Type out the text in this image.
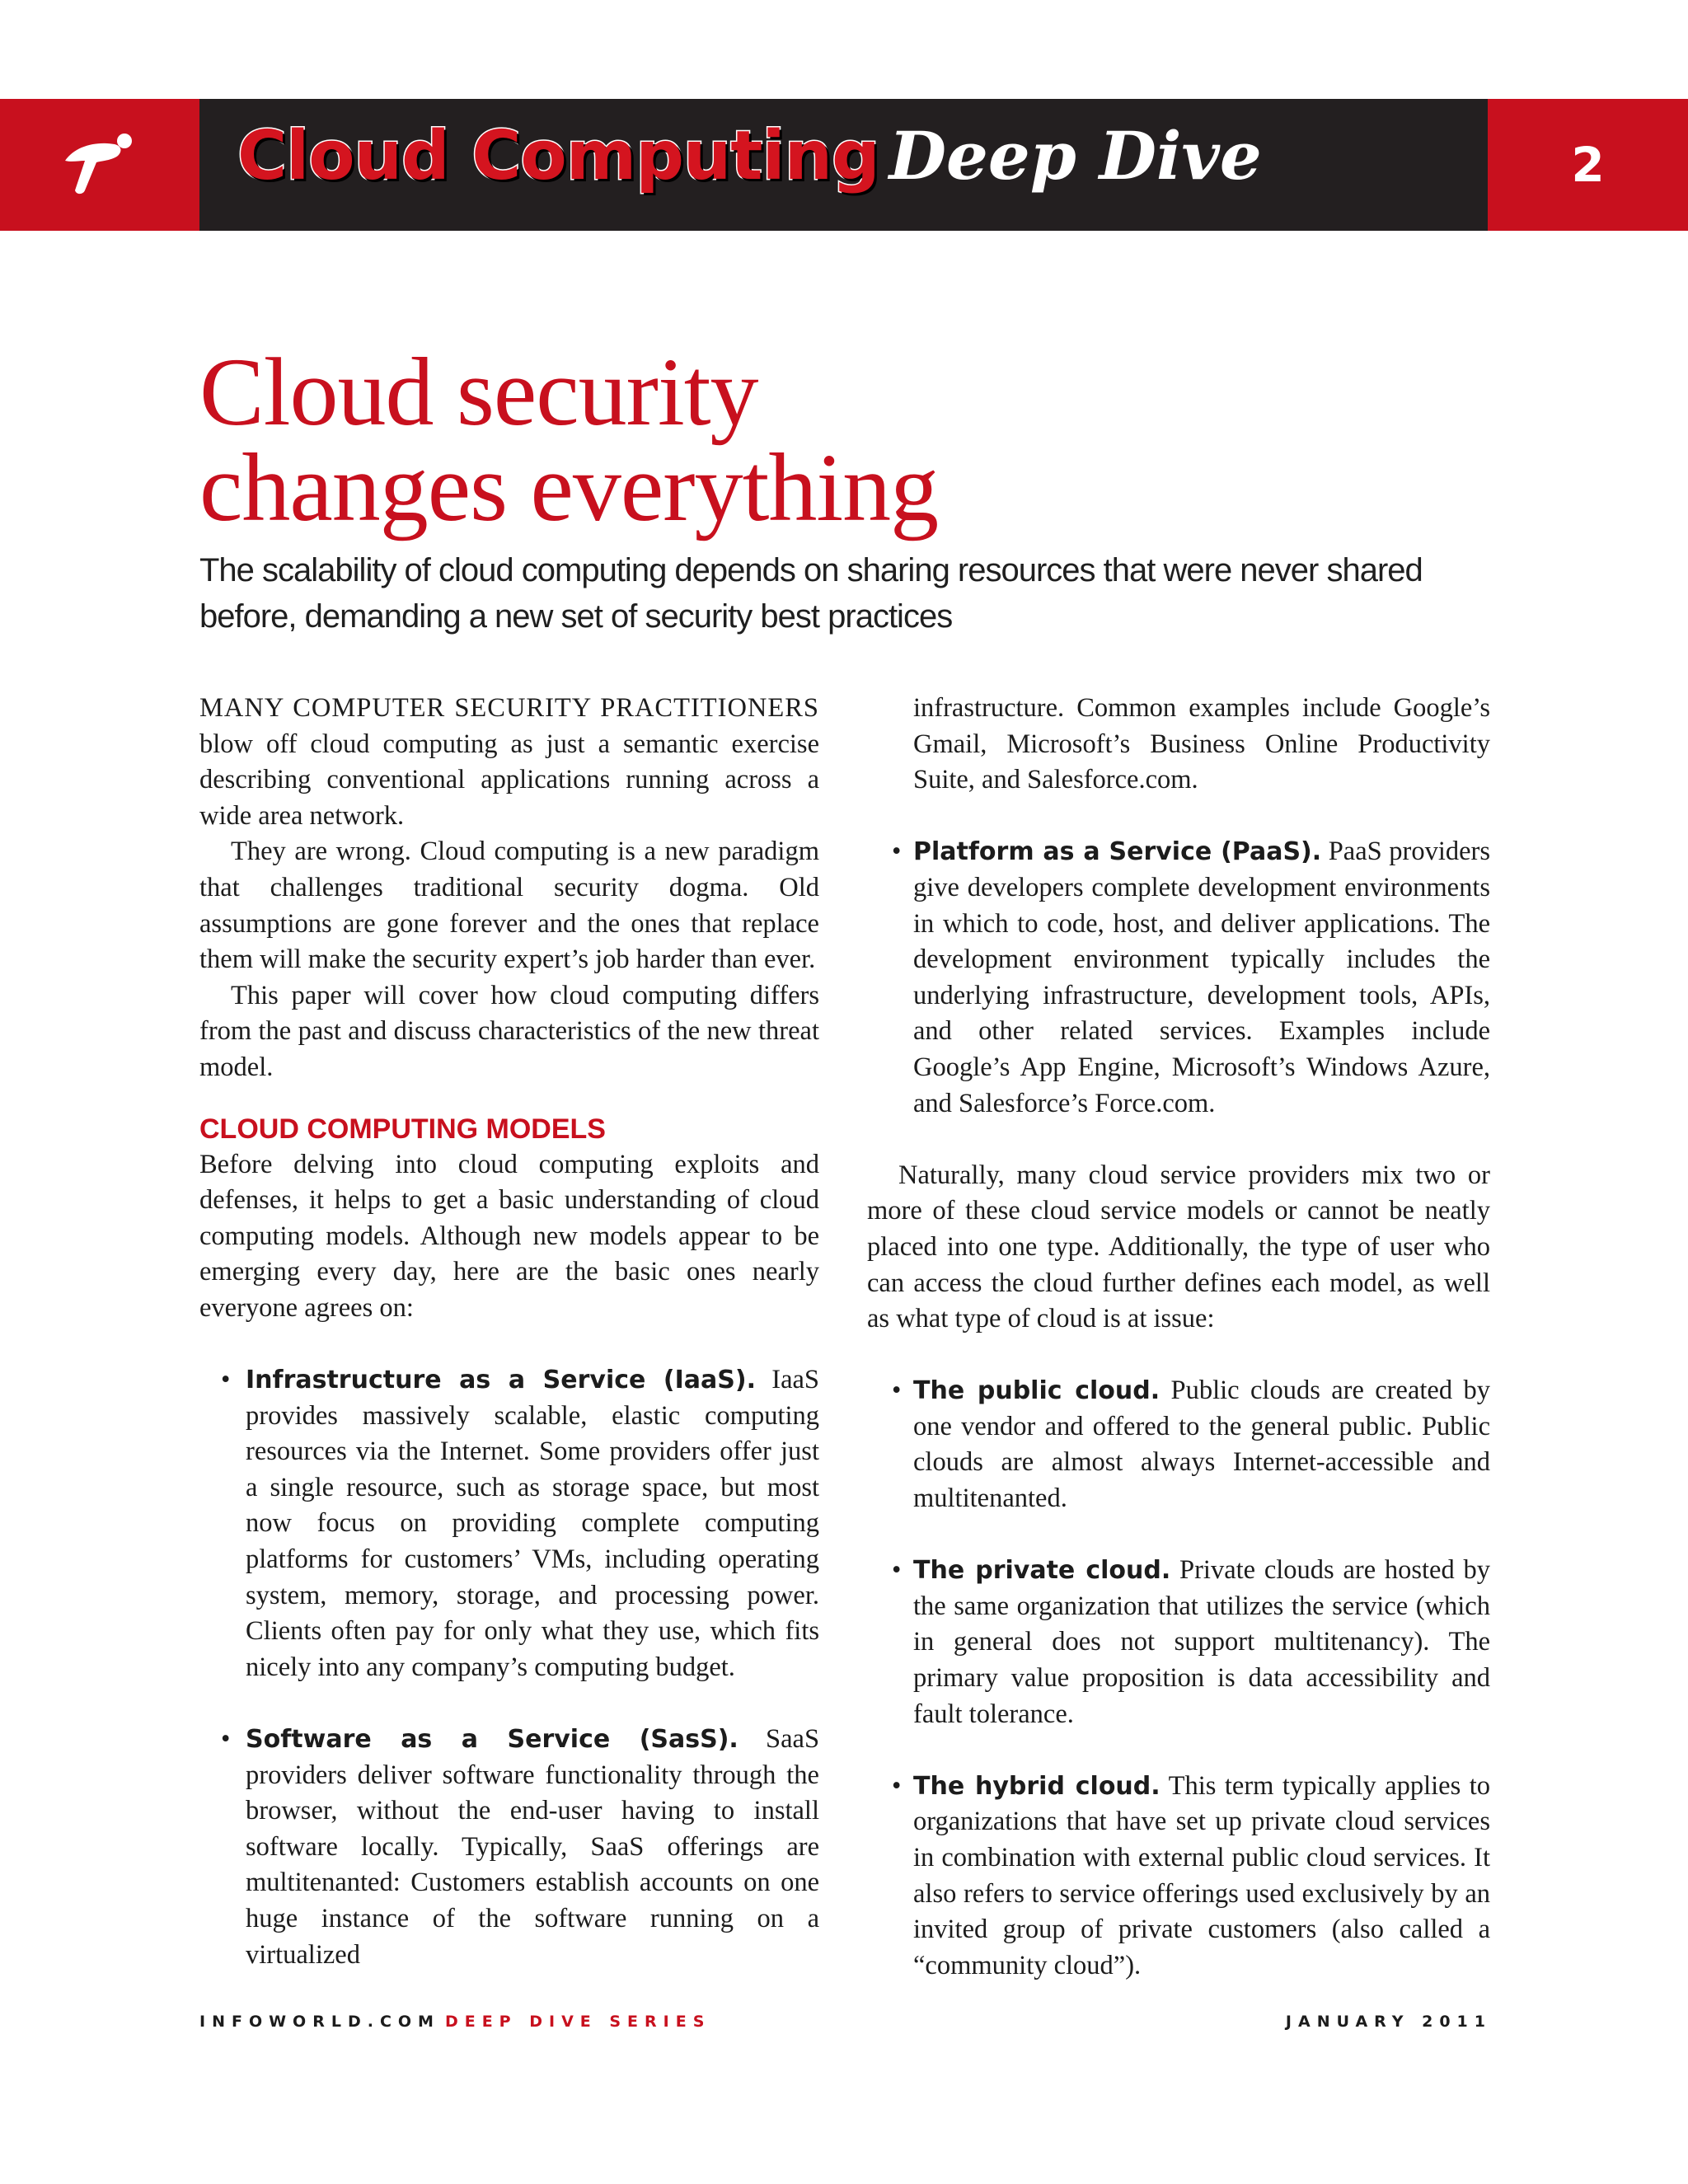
Cloud Computing Deep Dive	2
Cloud security
changes everything

The scalability of cloud computing depends on sharing resources that were never shared before, demanding a new set of security best practices

MANY COMPUTER SECURITY PRACTITIONERS blow off cloud computing as just a semantic exercise describing conventional applications running across a wide area network.

They are wrong. Cloud computing is a new paradigm that challenges traditional security dogma. Old assumptions are gone forever and the ones that replace them will make the security expert’s job harder than ever.

This paper will cover how cloud computing differs from the past and discuss characteristics of the new threat model.

CLOUD COMPUTING MODELS

Before delving into cloud computing exploits and defenses, it helps to get a basic understanding of cloud computing models. Although new models appear to be emerging every day, here are the basic ones nearly everyone agrees on:

• Infrastructure as a Service (IaaS). IaaS provides massively scalable, elastic computing resources via the Internet. Some providers offer just a single resource, such as storage space, but most now focus on providing complete computing platforms for customers’ VMs, including operating system, memory, storage, and processing power. Clients often pay for only what they use, which fits nicely into any company’s computing budget.

• Software as a Service (SasS). SaaS providers deliver software functionality through the browser, without the end-user having to install software locally. Typically, SaaS offerings are multitenanted: Customers establish accounts on one huge instance of the software running on a virtualized

infrastructure. Common examples include Google’s Gmail, Microsoft’s Business Online Productivity Suite, and Salesforce.com.

• Platform as a Service (PaaS). PaaS providers give developers complete development environments in which to code, host, and deliver applications. The development environment typically includes the underlying infrastructure, development tools, APIs, and other related services. Examples include Google’s App Engine, Microsoft’s Windows Azure, and Salesforce’s Force.com.

Naturally, many cloud service providers mix two or more of these cloud service models or cannot be neatly placed into one type. Additionally, the type of user who can access the cloud further defines each model, as well as what type of cloud is at issue:

• The public cloud. Public clouds are created by one vendor and offered to the general public. Public clouds are almost always Internet-accessible and multitenanted.

• The private cloud. Private clouds are hosted by the same organization that utilizes the service (which in general does not support multitenancy). The primary value proposition is data accessibility and fault tolerance.

• The hybrid cloud. This term typically applies to organizations that have set up private cloud services in combination with external public cloud services. It also refers to service offerings used exclusively by an invited group of private customers (also called a “community cloud”).

INFOWORLD.COM DEEP DIVE SERIES	JANUARY 2011
